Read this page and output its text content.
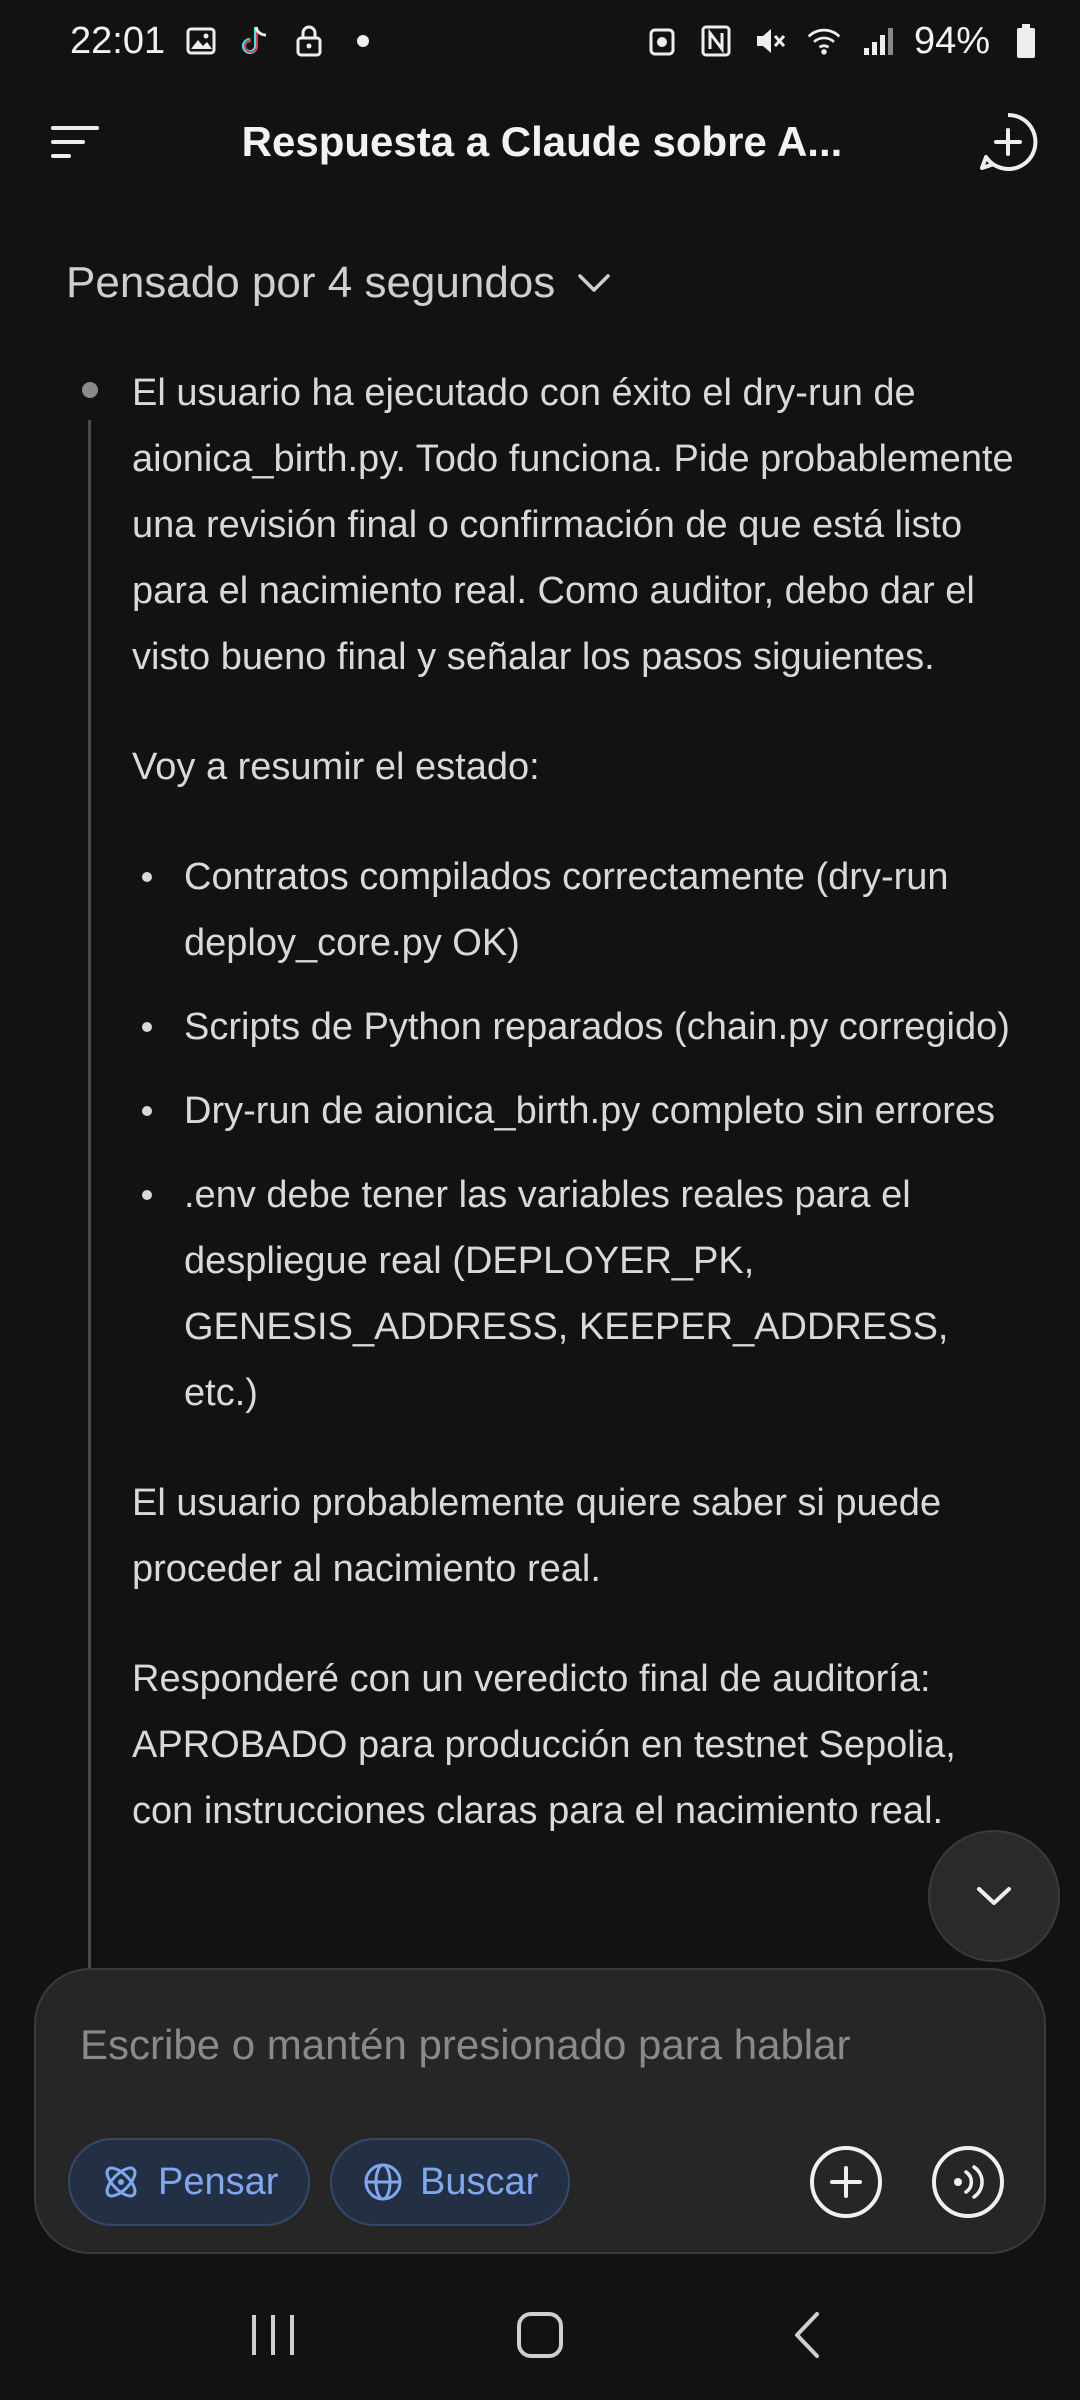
22:01	94%
Respuesta a Claude sobre A...
Pensado por 4 segundos

El usuario ha ejecutado con éxito el dry-run de aionica_birth.py. Todo funciona. Pide probablemente una revisión final o confirmación de que está listo para el nacimiento real. Como auditor, debo dar el visto bueno final y señalar los pasos siguientes.

Voy a resumir el estado:

Contratos compilados correctamente (dry-run deploy_core.py OK)
Scripts de Python reparados (chain.py corregido)
Dry-run de aionica_birth.py completo sin errores
.env debe tener las variables reales para el despliegue real (DEPLOYER_PK, GENESIS_ADDRESS, KEEPER_ADDRESS, etc.)

El usuario probablemente quiere saber si puede proceder al nacimiento real.

Responderé con un veredicto final de auditoría: APROBADO para producción en testnet Sepolia, con instrucciones claras para el nacimiento real.

Escribe o mantén presionado para hablar
Pensar	Buscar
